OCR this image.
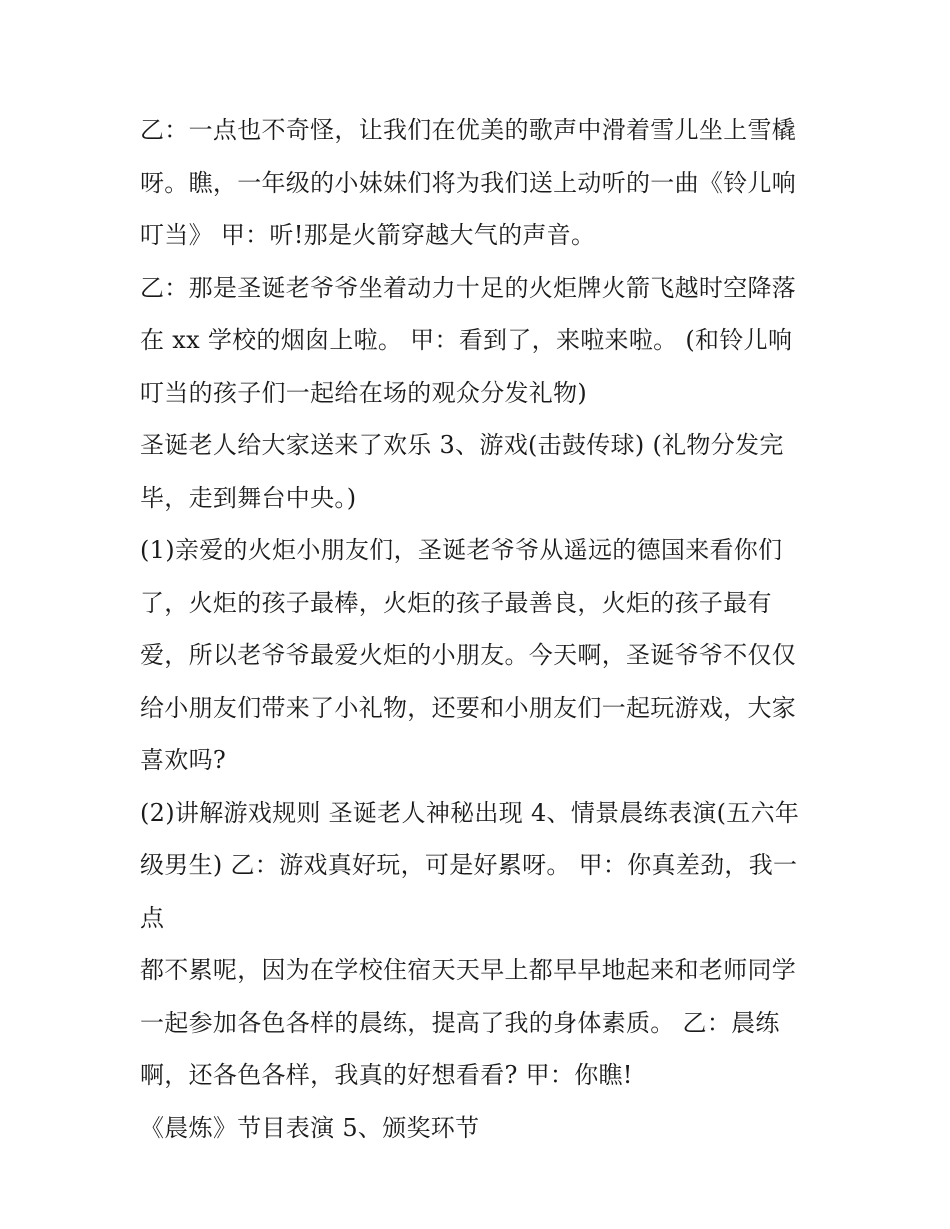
乙：一点也不奇怪，让我们在优美的歌声中滑着雪儿坐上雪橇
呀。瞧，一年级的小妹妹们将为我们送上动听的一曲《铃儿响
叮当》 甲：听!那是火箭穿越大气的声音。
乙：那是圣诞老爷爷坐着动力十足的火炬牌火箭飞越时空降落
在 xx 学校的烟囱上啦。 甲：看到了，来啦来啦。 (和铃儿响
叮当的孩子们一起给在场的观众分发礼物)
圣诞老人给大家送来了欢乐 3、游戏(击鼓传球) (礼物分发完
毕，走到舞台中央。)
(1)亲爱的火炬小朋友们，圣诞老爷爷从遥远的德国来看你们
了，火炬的孩子最棒，火炬的孩子最善良，火炬的孩子最有
爱，所以老爷爷最爱火炬的小朋友。今天啊，圣诞爷爷不仅仅
给小朋友们带来了小礼物，还要和小朋友们一起玩游戏，大家
喜欢吗?
(2)讲解游戏规则 圣诞老人神秘出现 4、情景晨练表演(五六年
级男生) 乙：游戏真好玩，可是好累呀。 甲：你真差劲，我一
点
都不累呢，因为在学校住宿天天早上都早早地起来和老师同学
一起参加各色各样的晨练，提高了我的身体素质。 乙：晨练
啊，还各色各样，我真的好想看看? 甲：你瞧!
《晨炼》节目表演 5、颁奖环节
